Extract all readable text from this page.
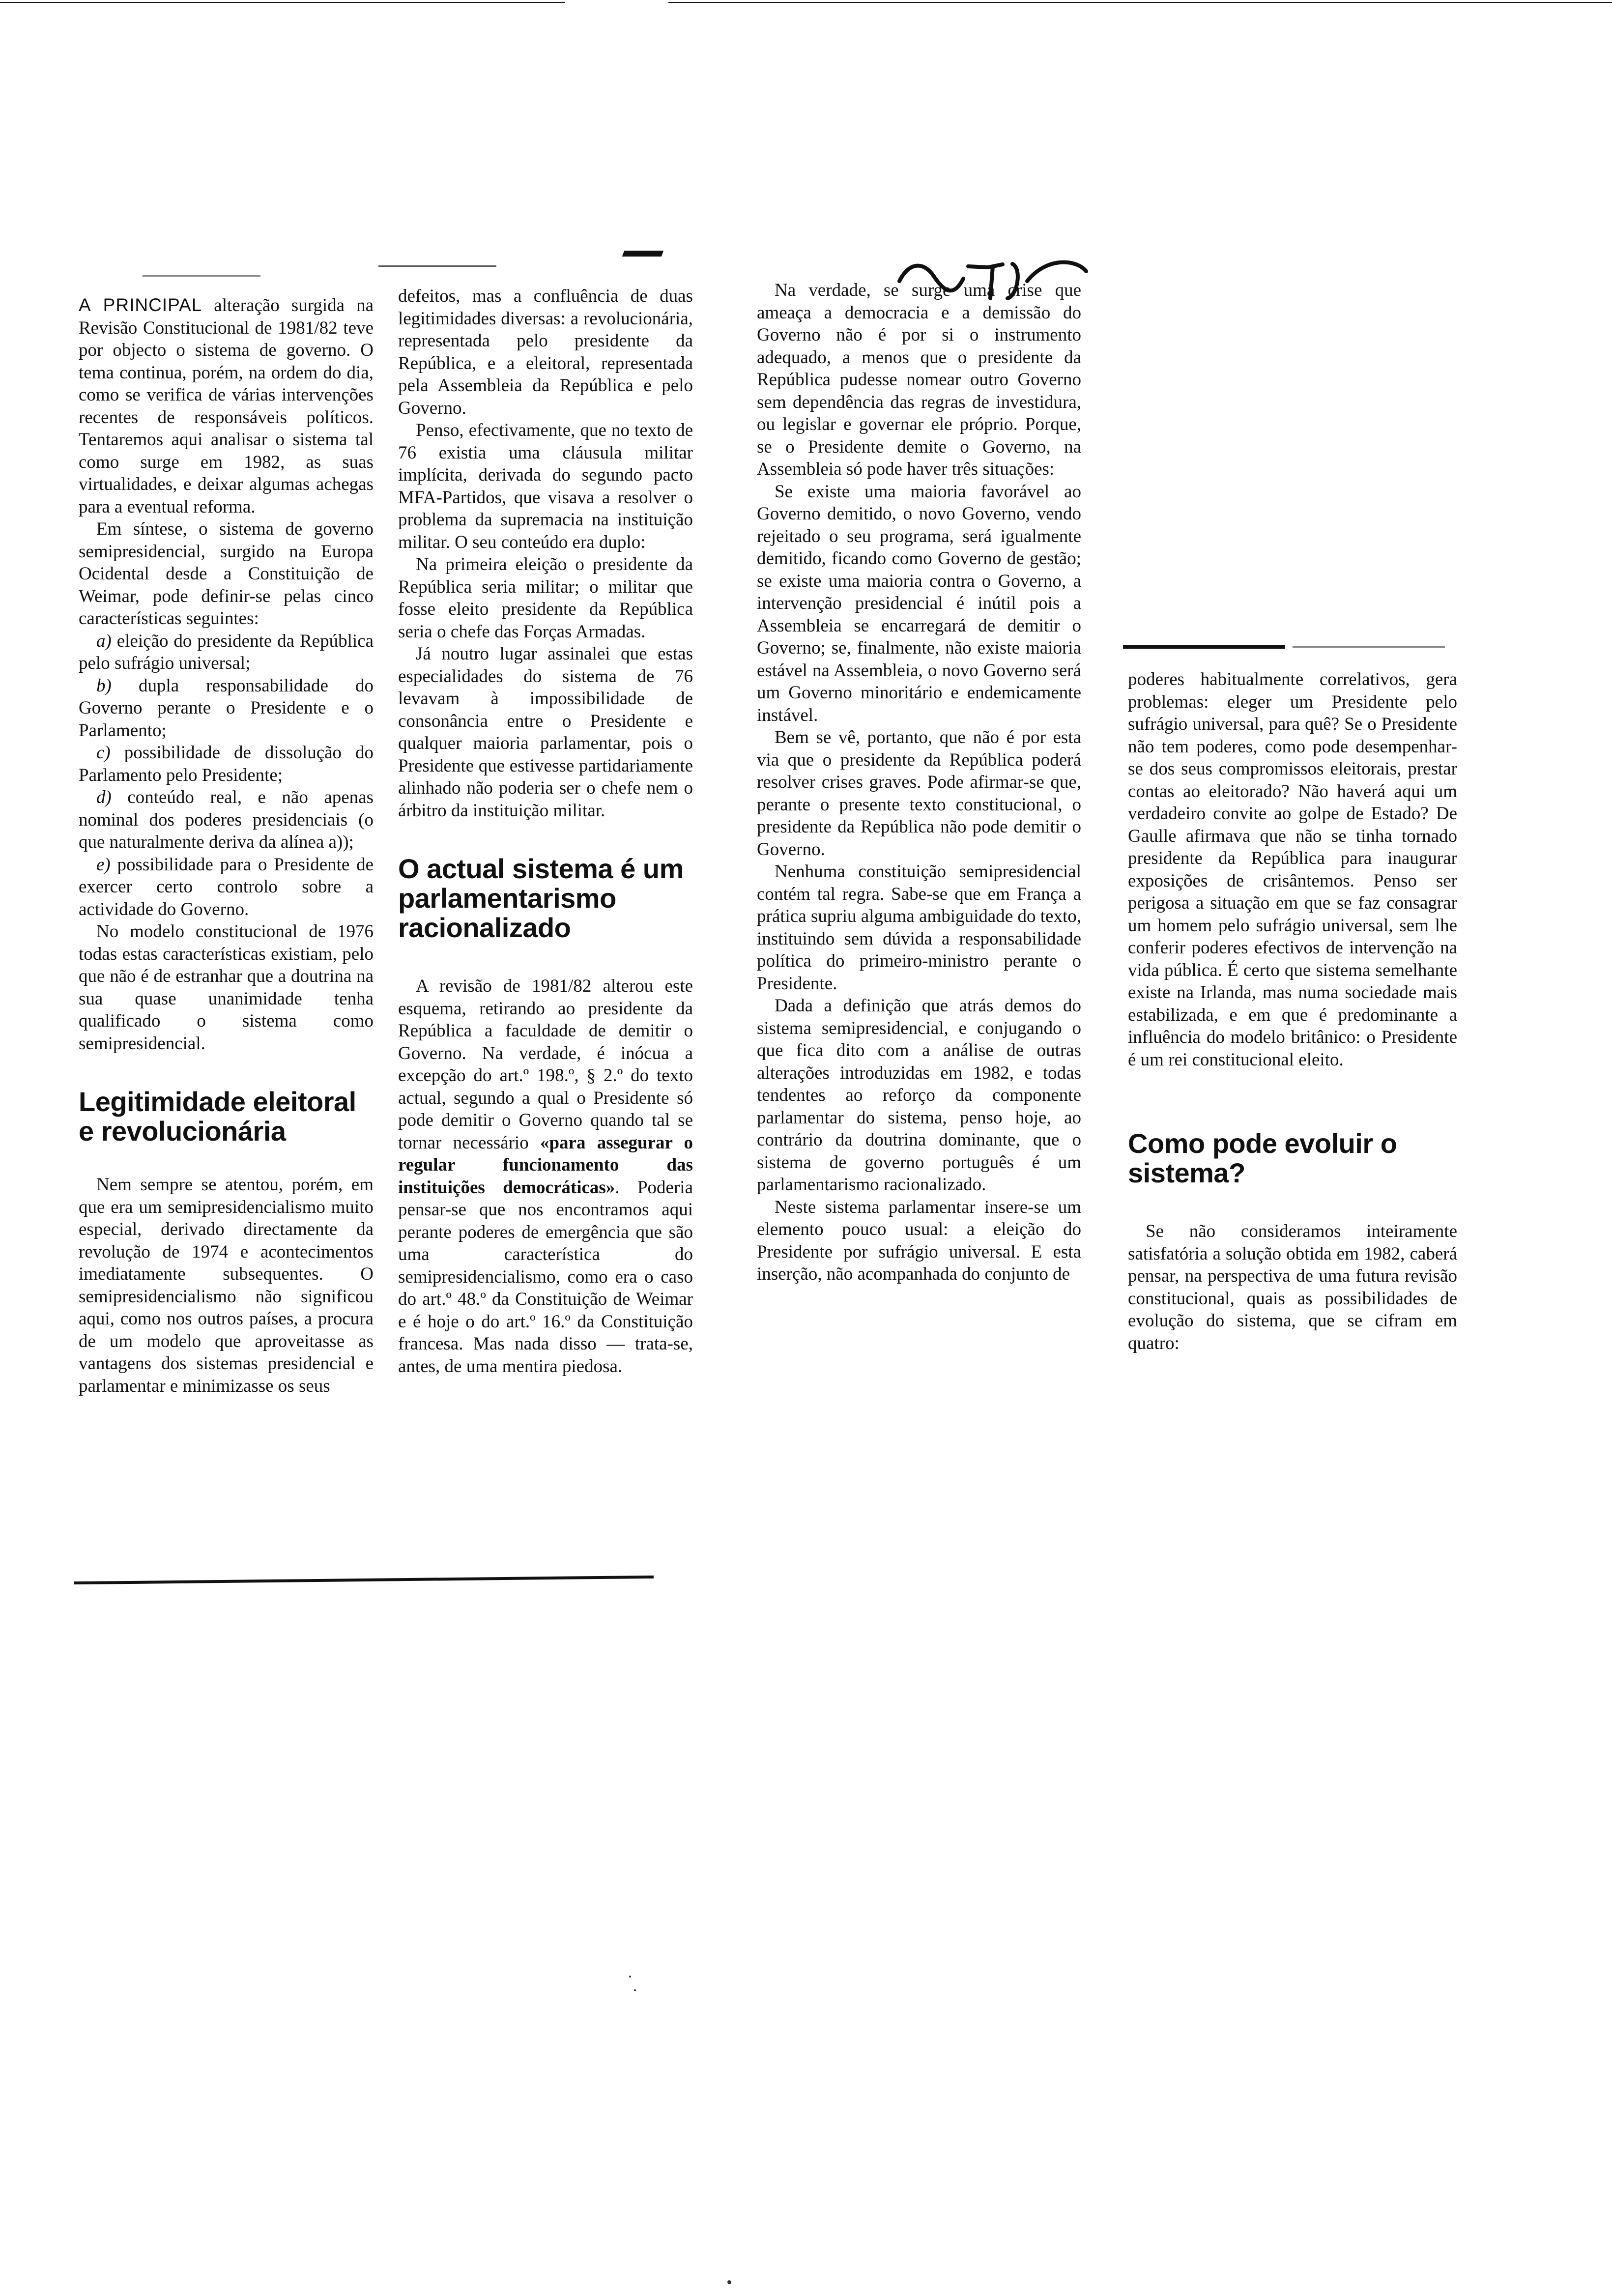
A PRINCIPAL alteração surgida na Revisão Constitucional de 1981/82 teve por objecto o sistema de governo. O tema continua, porém, na ordem do dia, como se verifica de várias intervenções recentes de responsáveis políticos. Tentaremos aqui analisar o sistema tal como surge em 1982, as suas virtualidades, e deixar algumas achegas para a eventual reforma.

Em síntese, o sistema de governo semipresidencial, surgido na Europa Ocidental desde a Constituição de Weimar, pode definir-se pelas cinco características seguintes:

a) eleição do presidente da República pelo sufrágio universal;

b) dupla responsabilidade do Governo perante o Presidente e o Parlamento;

c) possibilidade de dissolução do Parlamento pelo Presidente;

d) conteúdo real, e não apenas nominal dos poderes presidenciais (o que naturalmente deriva da alínea a));

e) possibilidade para o Presidente de exercer certo controlo sobre a actividade do Governo.

No modelo constitucional de 1976 todas estas características existiam, pelo que não é de estranhar que a doutrina na sua quase unanimidade tenha qualificado o sistema como semipresidencial.

Legitimidade eleitoral e revolucionária

Nem sempre se atentou, porém, em que era um semipresidencialismo muito especial, derivado directamente da revolução de 1974 e acontecimentos imediatamente subsequentes. O semipresidencialismo não significou aqui, como nos outros países, a procura de um modelo que aproveitasse as vantagens dos sistemas presidencial e parlamentar e minimizasse os seus

defeitos, mas a confluência de duas legitimidades diversas: a revolucionária, representada pelo presidente da República, e a eleitoral, representada pela Assembleia da República e pelo Governo.

Penso, efectivamente, que no texto de 76 existia uma cláusula militar implícita, derivada do segundo pacto MFA-Partidos, que visava a resolver o problema da supremacia na instituição militar. O seu conteúdo era duplo:

Na primeira eleição o presidente da República seria militar; o militar que fosse eleito presidente da República seria o chefe das Forças Armadas.

Já noutro lugar assinalei que estas especialidades do sistema de 76 levavam à impossibilidade de consonância entre o Presidente e qualquer maioria parlamentar, pois o Presidente que estivesse partidariamente alinhado não poderia ser o chefe nem o árbitro da instituição militar.

O actual sistema é um parlamentarismo racionalizado

A revisão de 1981/82 alterou este esquema, retirando ao presidente da República a faculdade de demitir o Governo. Na verdade, é inócua a excepção do art.º 198.º, § 2.º do texto actual, segundo a qual o Presidente só pode demitir o Governo quando tal se tornar necessário «para assegurar o regular funcionamento das instituições democráticas». Poderia pensar-se que nos encontramos aqui perante poderes de emergência que são uma característica do semipresidencialismo, como era o caso do art.º 48.º da Constituição de Weimar e é hoje o do art.º 16.º da Constituição francesa. Mas nada disso — trata-se, antes, de uma mentira piedosa.

Na verdade, se surge uma crise que ameaça a democracia e a demissão do Governo não é por si o instrumento adequado, a menos que o presidente da República pudesse nomear outro Governo sem dependência das regras de investidura, ou legislar e governar ele próprio. Porque, se o Presidente demite o Governo, na Assembleia só pode haver três situações:

Se existe uma maioria favorável ao Governo demitido, o novo Governo, vendo rejeitado o seu programa, será igualmente demitido, ficando como Governo de gestão; se existe uma maioria contra o Governo, a intervenção presidencial é inútil pois a Assembleia se encarregará de demitir o Governo; se, finalmente, não existe maioria estável na Assembleia, o novo Governo será um Governo minoritário e endemicamente instável.

Bem se vê, portanto, que não é por esta via que o presidente da República poderá resolver crises graves. Pode afirmar-se que, perante o presente texto constitucional, o presidente da República não pode demitir o Governo.

Nenhuma constituição semipresidencial contém tal regra. Sabe-se que em França a prática supriu alguma ambiguidade do texto, instituindo sem dúvida a responsabilidade política do primeiro-ministro perante o Presidente.

Dada a definição que atrás demos do sistema semipresidencial, e conjugando o que fica dito com a análise de outras alterações introduzidas em 1982, e todas tendentes ao reforço da componente parlamentar do sistema, penso hoje, ao contrário da doutrina dominante, que o sistema de governo português é um parlamentarismo racionalizado.

Neste sistema parlamentar insere-se um elemento pouco usual: a eleição do Presidente por sufrágio universal. E esta inserção, não acompanhada do conjunto de

poderes habitualmente correlativos, gera problemas: eleger um Presidente pelo sufrágio universal, para quê? Se o Presidente não tem poderes, como pode desempenhar-se dos seus compromissos eleitorais, prestar contas ao eleitorado? Não haverá aqui um verdadeiro convite ao golpe de Estado? De Gaulle afirmava que não se tinha tornado presidente da República para inaugurar exposições de crisântemos. Penso ser perigosa a situação em que se faz consagrar um homem pelo sufrágio universal, sem lhe conferir poderes efectivos de intervenção na vida pública. É certo que sistema semelhante existe na Irlanda, mas numa sociedade mais estabilizada, e em que é predominante a influência do modelo britânico: o Presidente é um rei constitucional eleito.

Como pode evoluir o sistema?

Se não consideramos inteiramente satisfatória a solução obtida em 1982, caberá pensar, na perspectiva de uma futura revisão constitucional, quais as possibilidades de evolução do sistema, que se cifram em quatro:
